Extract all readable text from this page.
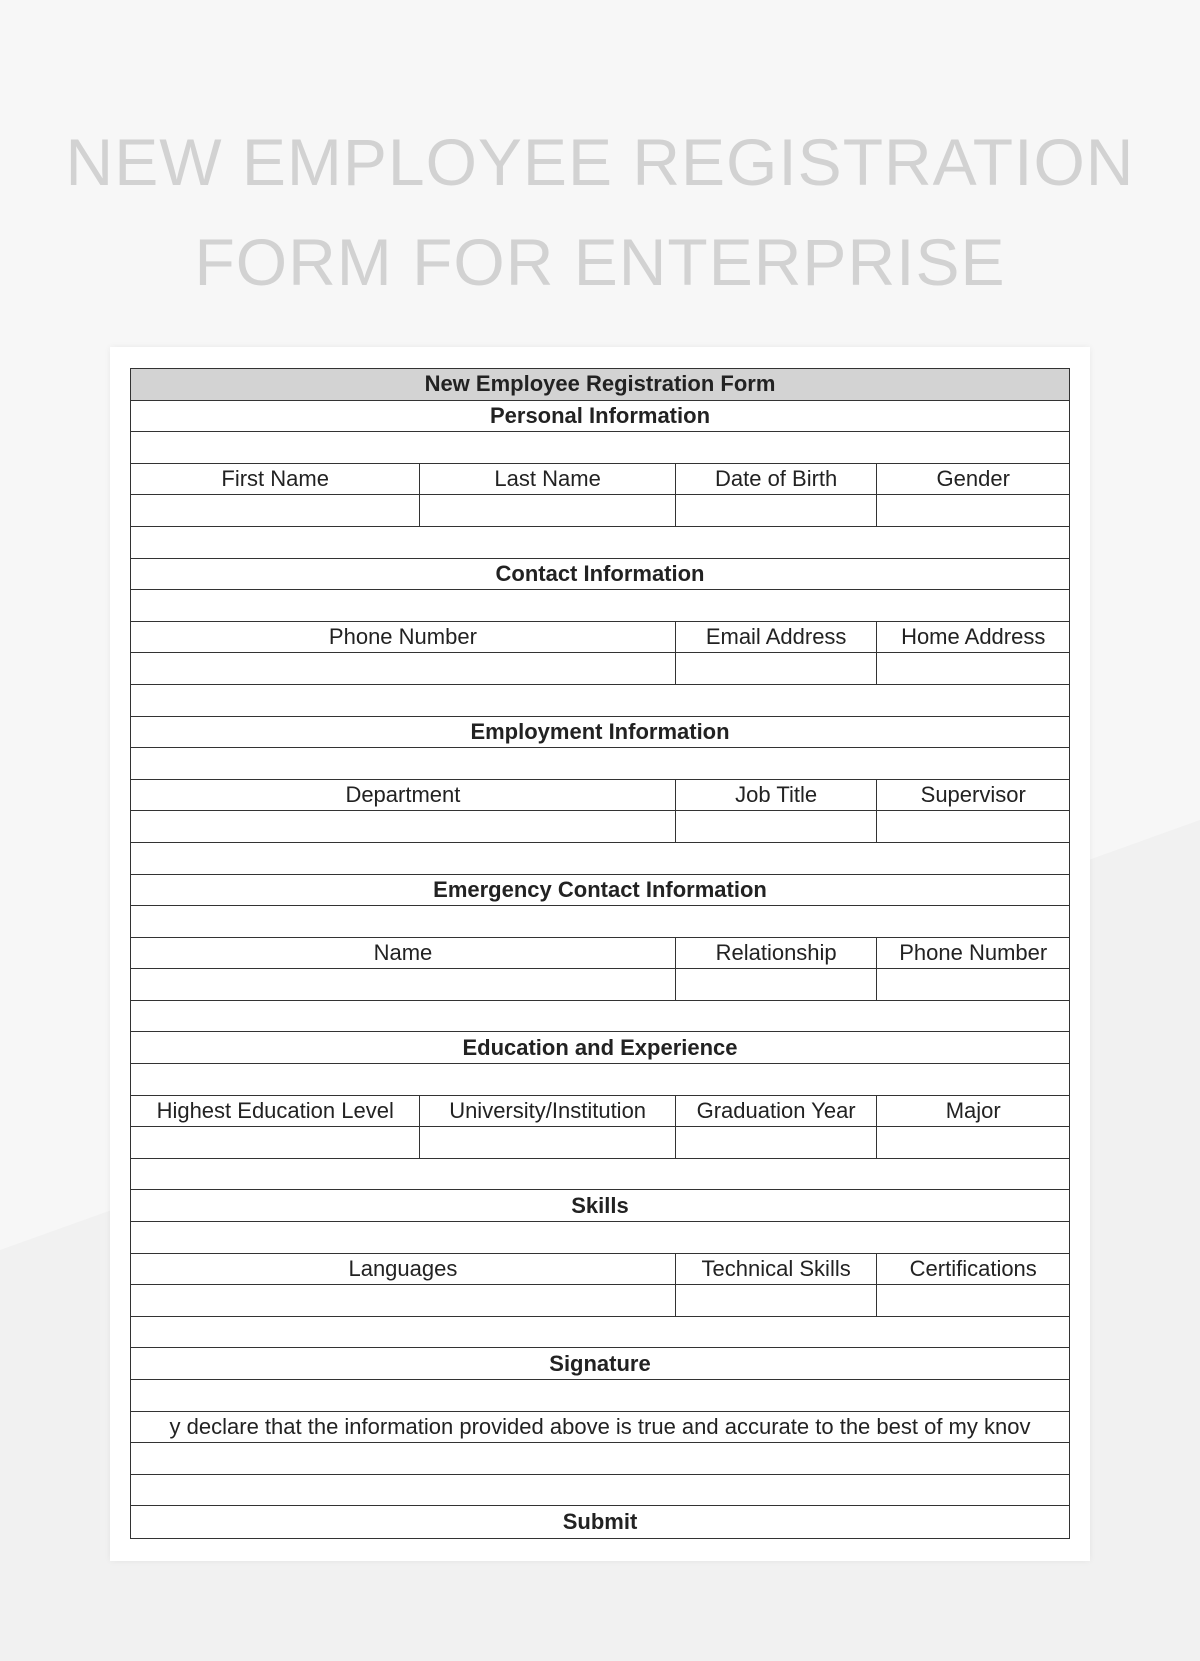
NEW EMPLOYEE REGISTRATION
FORM FOR ENTERPRISE
New Employee Registration Form
Personal Information
First Name	Last Name	Date of Birth	Gender
Contact Information
Phone Number	Email Address	Home Address
Employment Information
Department	Job Title	Supervisor
Emergency Contact Information
Name	Relationship	Phone Number
Education and Experience
Highest Education Level	University/Institution	Graduation Year	Major
Skills
Languages	Technical Skills	Certifications
Signature
y declare that the information provided above is true and accurate to the best of my knov
Submit
